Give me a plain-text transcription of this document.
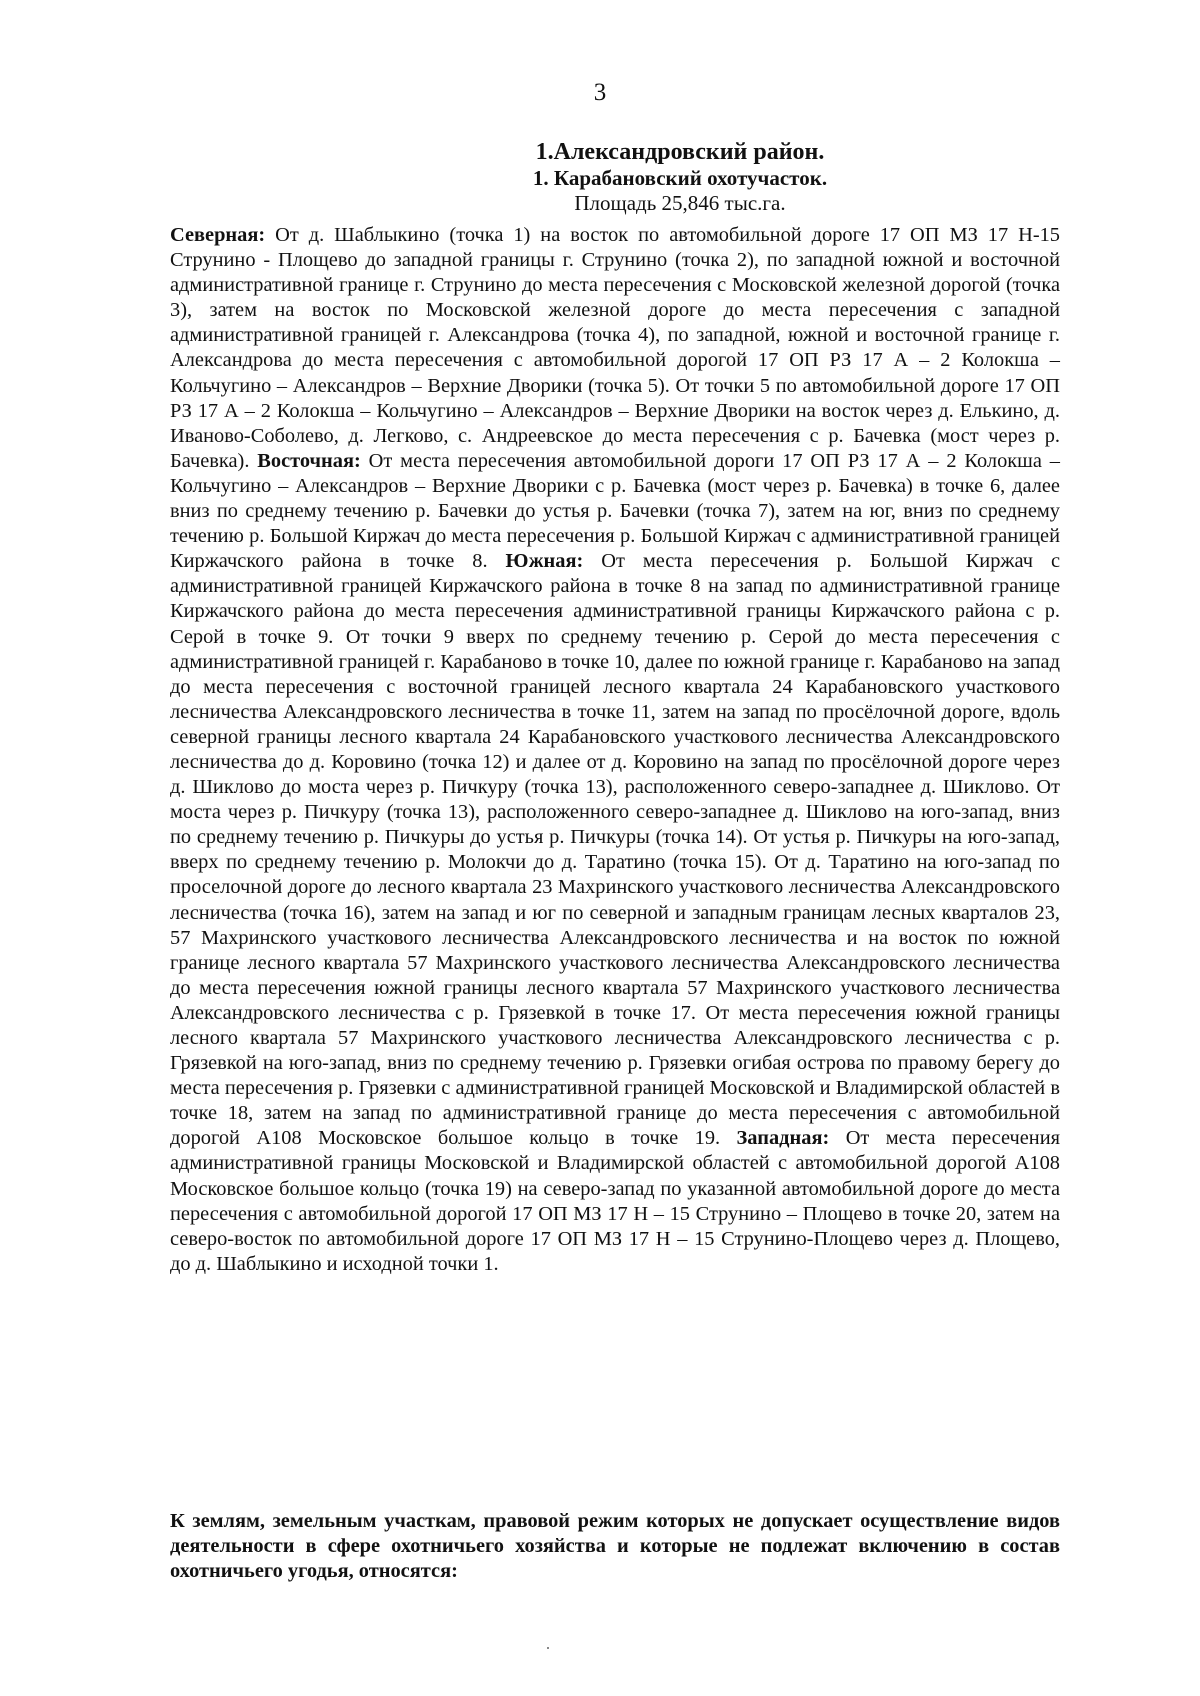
3

1.Александровский район.

1. Карабановский охотучасток.

Площадь 25,846 тыс.га.

Северная: От д. Шаблыкино (точка 1) на восток по автомобильной дороге 17 ОП МЗ 17 Н-15 Струнино - Площево до западной границы г. Струнино (точка 2), по западной южной и восточной административной границе г. Струнино до места пересечения с Московской железной дорогой (точка 3), затем на восток по Московской железной дороге до места пересечения с западной административной границей г. Александрова (точка 4), по западной, южной и восточной границе г. Александрова до места пересечения с автомобильной дорогой 17 ОП РЗ 17 А – 2 Колокша – Кольчугино – Александров – Верхние Дворики (точка 5). От точки 5 по автомобильной дороге 17 ОП РЗ 17 А – 2 Колокша – Кольчугино – Александров – Верхние Дворики на восток через д. Елькино, д. Иваново-Соболево, д. Легково, с. Андреевское до места пересечения с р. Бачевка (мост через р. Бачевка). Восточная: От места пересечения автомобильной дороги 17 ОП РЗ 17 А – 2 Колокша – Кольчугино – Александров – Верхние Дворики с р. Бачевка (мост через р. Бачевка) в точке 6, далее вниз по среднему течению р. Бачевки до устья р. Бачевки (точка 7), затем на юг, вниз по среднему течению р. Большой Киржач до места пересечения р. Большой Киржач с административной границей Киржачского района в точке 8. Южная: От места пересечения р. Большой Киржач с административной границей Киржачского района в точке 8 на запад по административной границе Киржачского района до места пересечения административной границы Киржачского района с р. Серой в точке 9. От точки 9 вверх по среднему течению р. Серой до места пересечения с административной границей г. Карабаново в точке 10, далее по южной границе г. Карабаново на запад до места пересечения с восточной границей лесного квартала 24 Карабановского участкового лесничества Александровского лесничества в точке 11, затем на запад по просёлочной дороге, вдоль северной границы лесного квартала 24 Карабановского участкового лесничества Александровского лесничества до д. Коровино (точка 12) и далее от д. Коровино на запад по просёлочной дороге через д. Шиклово до моста через р. Пичкуру (точка 13), расположенного северо-западнее д. Шиклово. От моста через р. Пичкуру (точка 13), расположенного северо-западнее д. Шиклово на юго-запад, вниз по среднему течению р. Пичкуры до устья р. Пичкуры (точка 14). От устья р. Пичкуры на юго-запад, вверх по среднему течению р. Молокчи до д. Таратино (точка 15). От д. Таратино на юго-запад по проселочной дороге до лесного квартала 23 Махринского участкового лесничества Александровского лесничества (точка 16), затем на запад и юг по северной и западным границам лесных кварталов 23, 57 Махринского участкового лесничества Александровского лесничества и на восток по южной границе лесного квартала 57 Махринского участкового лесничества Александровского лесничества до места пересечения южной границы лесного квартала 57 Махринского участкового лесничества Александровского лесничества с р. Грязевкой в точке 17. От места пересечения южной границы лесного квартала 57 Махринского участкового лесничества Александровского лесничества с р. Грязевкой на юго-запад, вниз по среднему течению р. Грязевки огибая острова по правому берегу до места пересечения р. Грязевки с административной границей Московской и Владимирской областей в точке 18, затем на запад по административной границе до места пересечения с автомобильной дорогой А108 Московское большое кольцо в точке 19. Западная: От места пересечения административной границы Московской и Владимирской областей с автомобильной дорогой А108 Московское большое кольцо (точка 19) на северо-запад по указанной автомобильной дороге до места пересечения с автомобильной дорогой 17 ОП МЗ 17 Н – 15 Струнино – Площево в точке 20, затем на северо-восток по автомобильной дороге 17 ОП МЗ 17 Н – 15 Струнино-Площево через д. Площево, до д. Шаблыкино и исходной точки 1.

К землям, земельным участкам, правовой режим которых не допускает осуществление видов деятельности в сфере охотничьего хозяйства и которые не подлежат включению в состав охотничьего угодья, относятся:
